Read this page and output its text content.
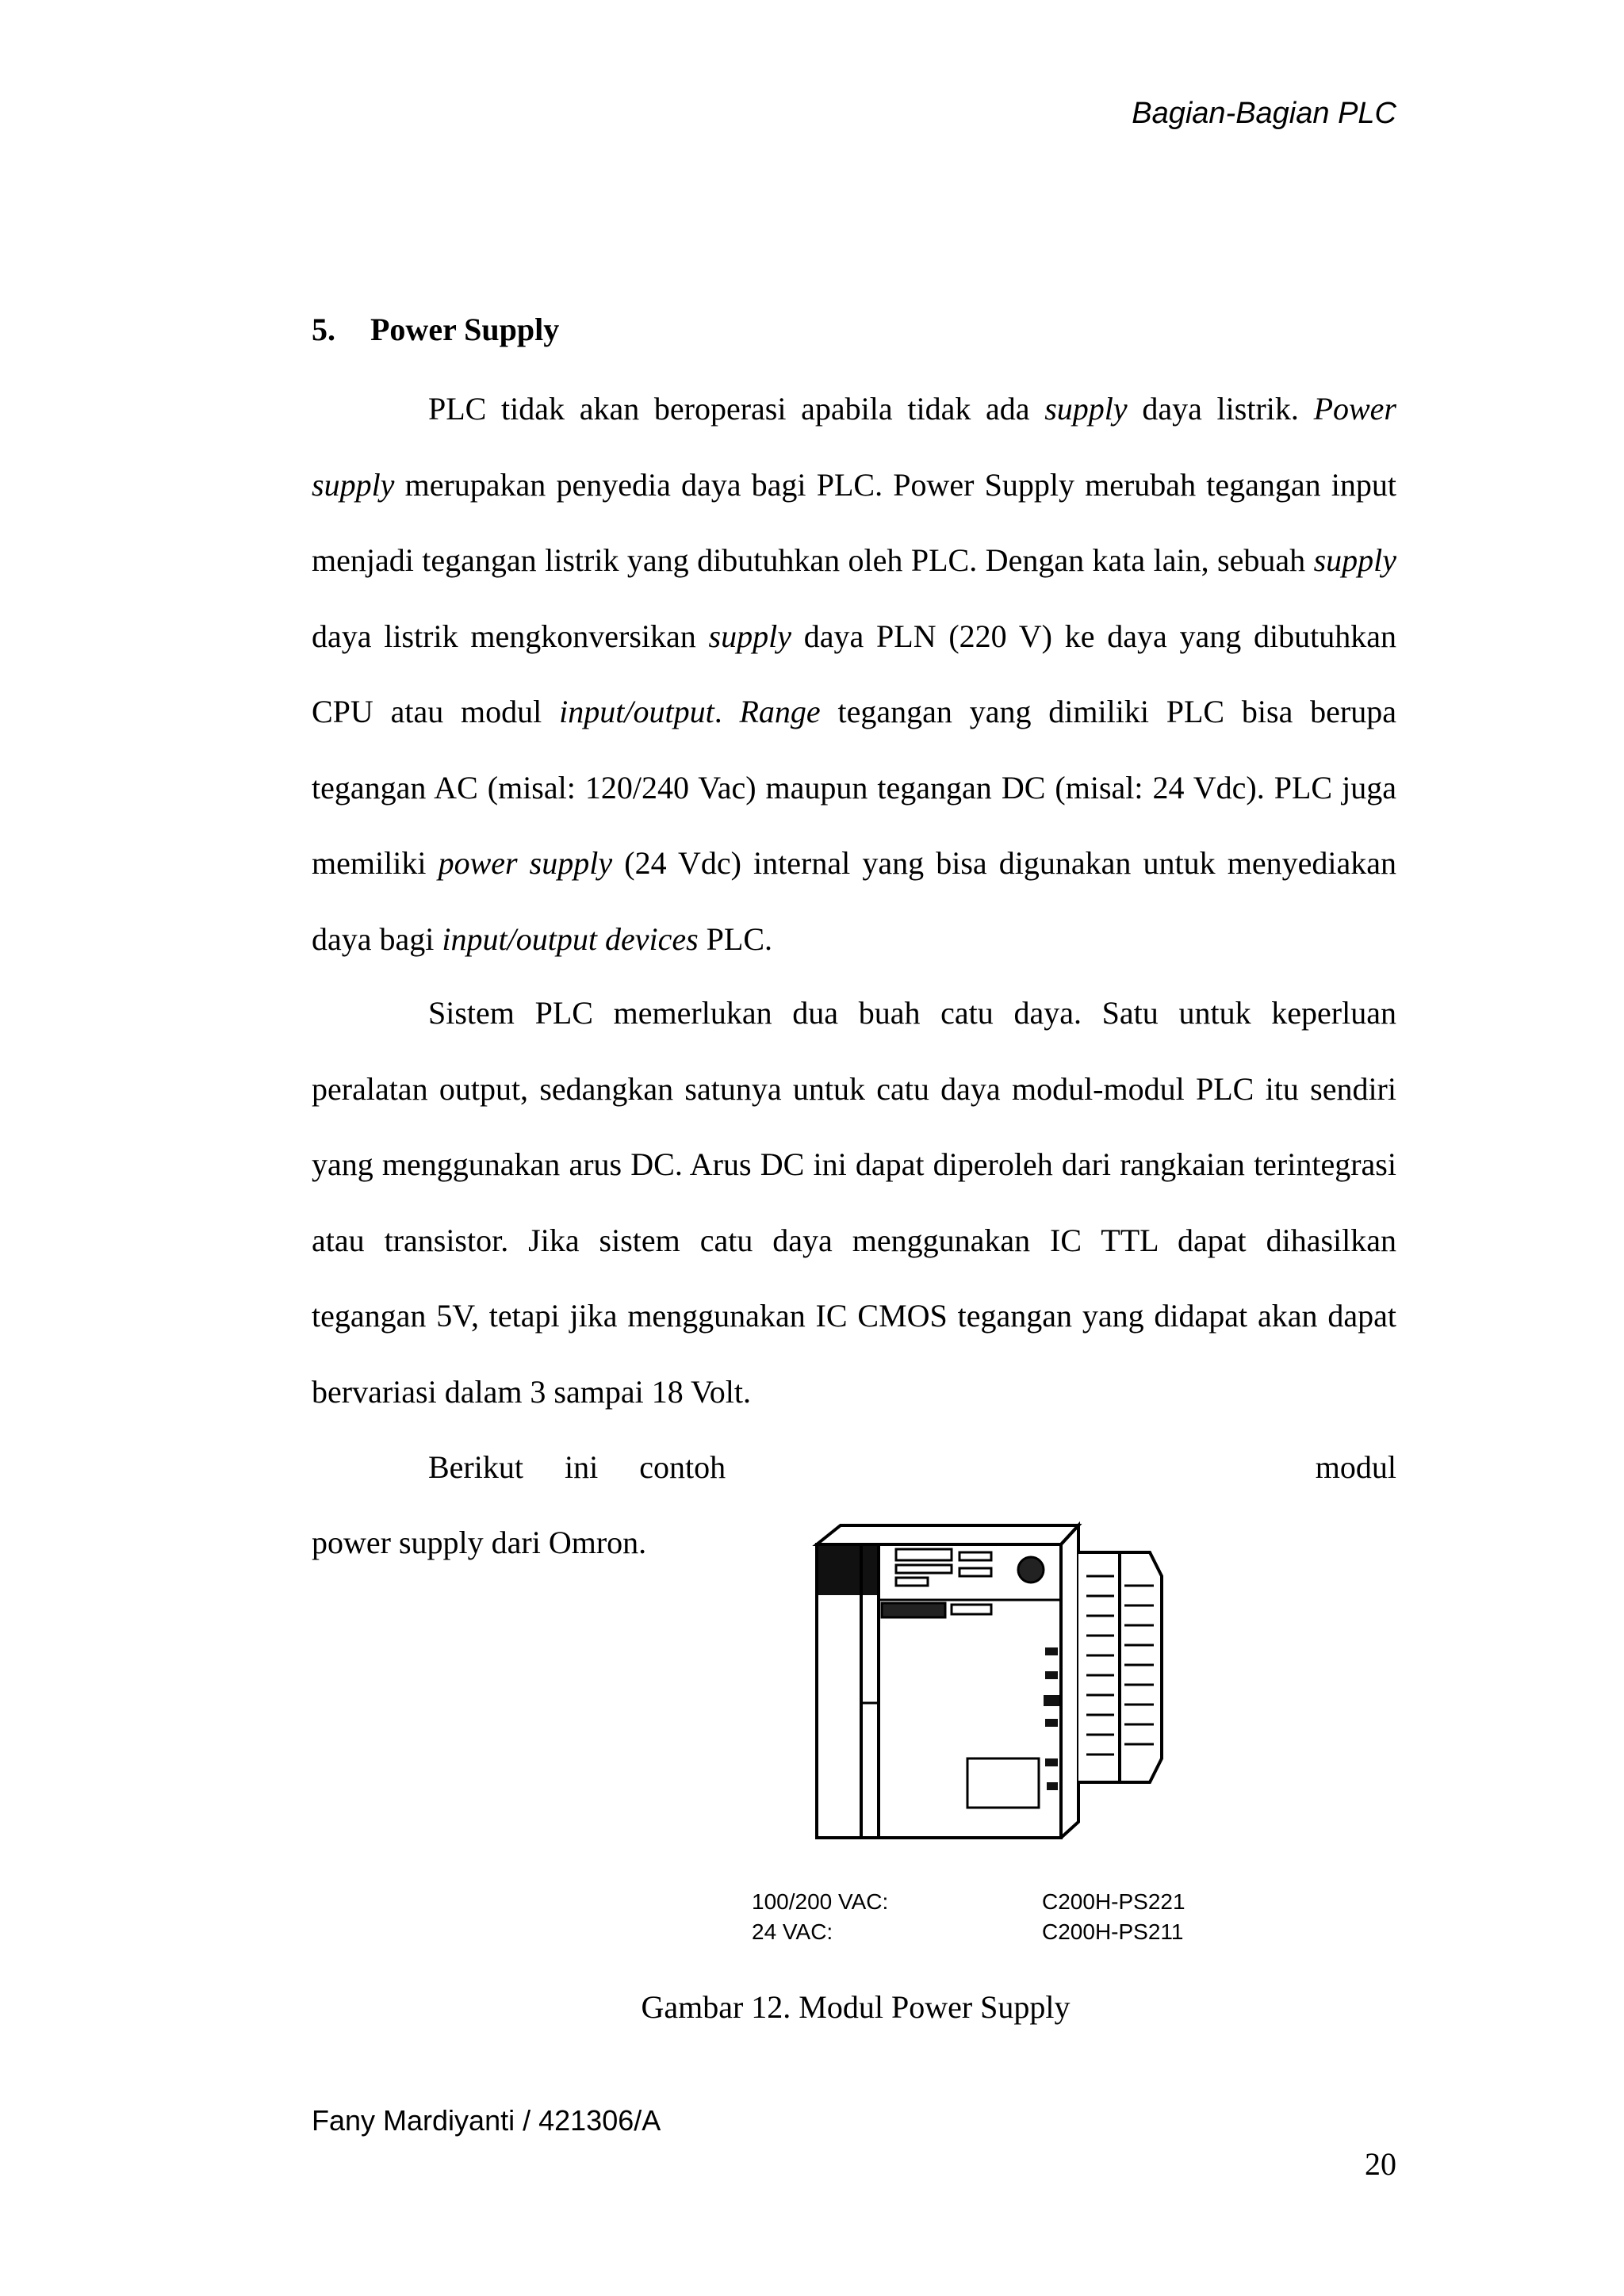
Bagian-Bagian PLC
5. Power Supply

PLC tidak akan beroperasi apabila tidak ada supply daya listrik. Power supply merupakan penyedia daya bagi PLC. Power Supply merubah tegangan input menjadi tegangan listrik yang dibutuhkan oleh PLC. Dengan kata lain, sebuah supply daya listrik mengkonversikan supply daya PLN (220 V) ke daya yang dibutuhkan CPU atau modul input/output. Range tegangan yang dimiliki PLC bisa berupa tegangan AC (misal: 120/240 Vac) maupun tegangan DC (misal: 24 Vdc). PLC juga memiliki power supply (24 Vdc) internal yang bisa digunakan untuk menyediakan daya bagi input/output devices PLC.

Sistem PLC memerlukan dua buah catu daya. Satu untuk keperluan peralatan output, sedangkan satunya untuk catu daya modul-modul PLC itu sendiri yang menggunakan arus DC. Arus DC ini dapat diperoleh dari rangkaian terintegrasi atau transistor. Jika sistem catu daya menggunakan IC TTL dapat dihasilkan tegangan 5V, tetapi jika menggunakan IC CMOS tegangan yang didapat akan dapat bervariasi dalam 3 sampai 18 Volt.

Berikut ini contoh	modul
power supply dari Omron.
100/200 VAC:	C200H-PS221
24 VAC:	C200H-PS211
Gambar 12. Modul Power Supply
Fany Mardiyanti / 421306/A
20
